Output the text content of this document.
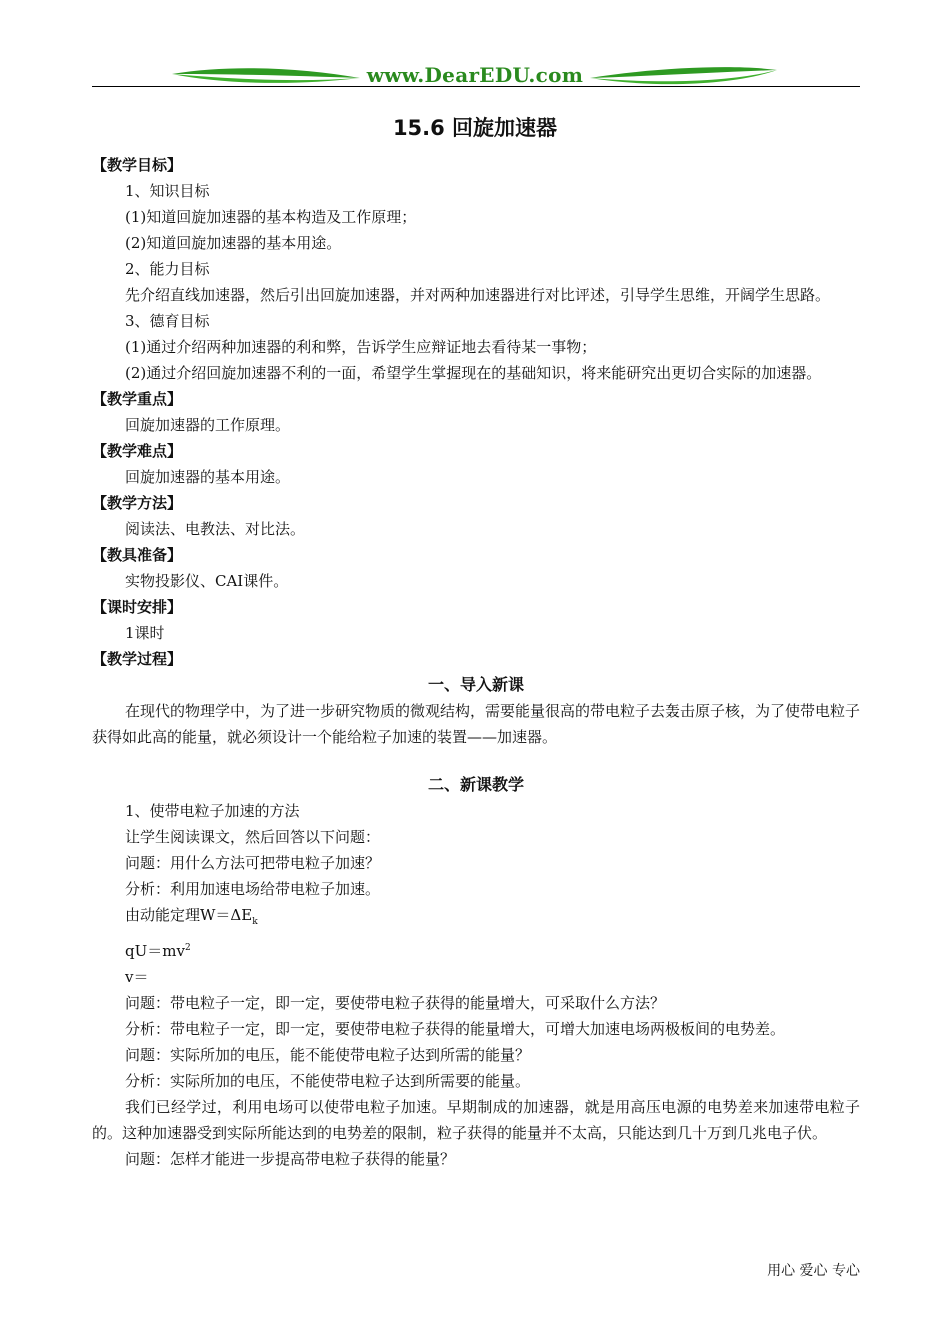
www.DearEDU.com
15.6 回旋加速器

【教学目标】

1、知识目标

(1)知道回旋加速器的基本构造及工作原理；

(2)知道回旋加速器的基本用途。

2、能力目标

先介绍直线加速器，然后引出回旋加速器，并对两种加速器进行对比评述，引导学生思维，开阔学生思路。

3、德育目标

(1)通过介绍两种加速器的利和弊，告诉学生应辩证地去看待某一事物；

(2)通过介绍回旋加速器不利的一面，希望学生掌握现在的基础知识，将来能研究出更切合实际的加速器。

【教学重点】

回旋加速器的工作原理。

【教学难点】

回旋加速器的基本用途。

【教学方法】

阅读法、电教法、对比法。

【教具准备】

实物投影仪、CAI课件。

【课时安排】

1课时

【教学过程】

一、导入新课

在现代的物理学中，为了进一步研究物质的微观结构，需要能量很高的带电粒子去轰击原子核，为了使带电粒子获得如此高的能量，就必须设计一个能给粒子加速的装置——加速器。

二、新课教学

1、使带电粒子加速的方法

让学生阅读课文，然后回答以下问题：

问题：用什么方法可把带电粒子加速？

分析：利用加速电场给带电粒子加速。

由动能定理$W=\Delta E_k$

$qU=mv^2$

v＝

问题：带电粒子一定，即一定，要使带电粒子获得的能量增大，可采取什么方法？

分析：带电粒子一定，即一定，要使带电粒子获得的能量增大，可增大加速电场两极板间的电势差。

问题：实际所加的电压，能不能使带电粒子达到所需的能量？

分析：实际所加的电压，不能使带电粒子达到所需要的能量。

我们已经学过，利用电场可以使带电粒子加速。早期制成的加速器，就是用高压电源的电势差来加速带电粒子的。这种加速器受到实际所能达到的电势差的限制，粒子获得的能量并不太高，只能达到几十万到几兆电子伏。

问题：怎样才能进一步提高带电粒子获得的能量？

用心 爱心 专心
